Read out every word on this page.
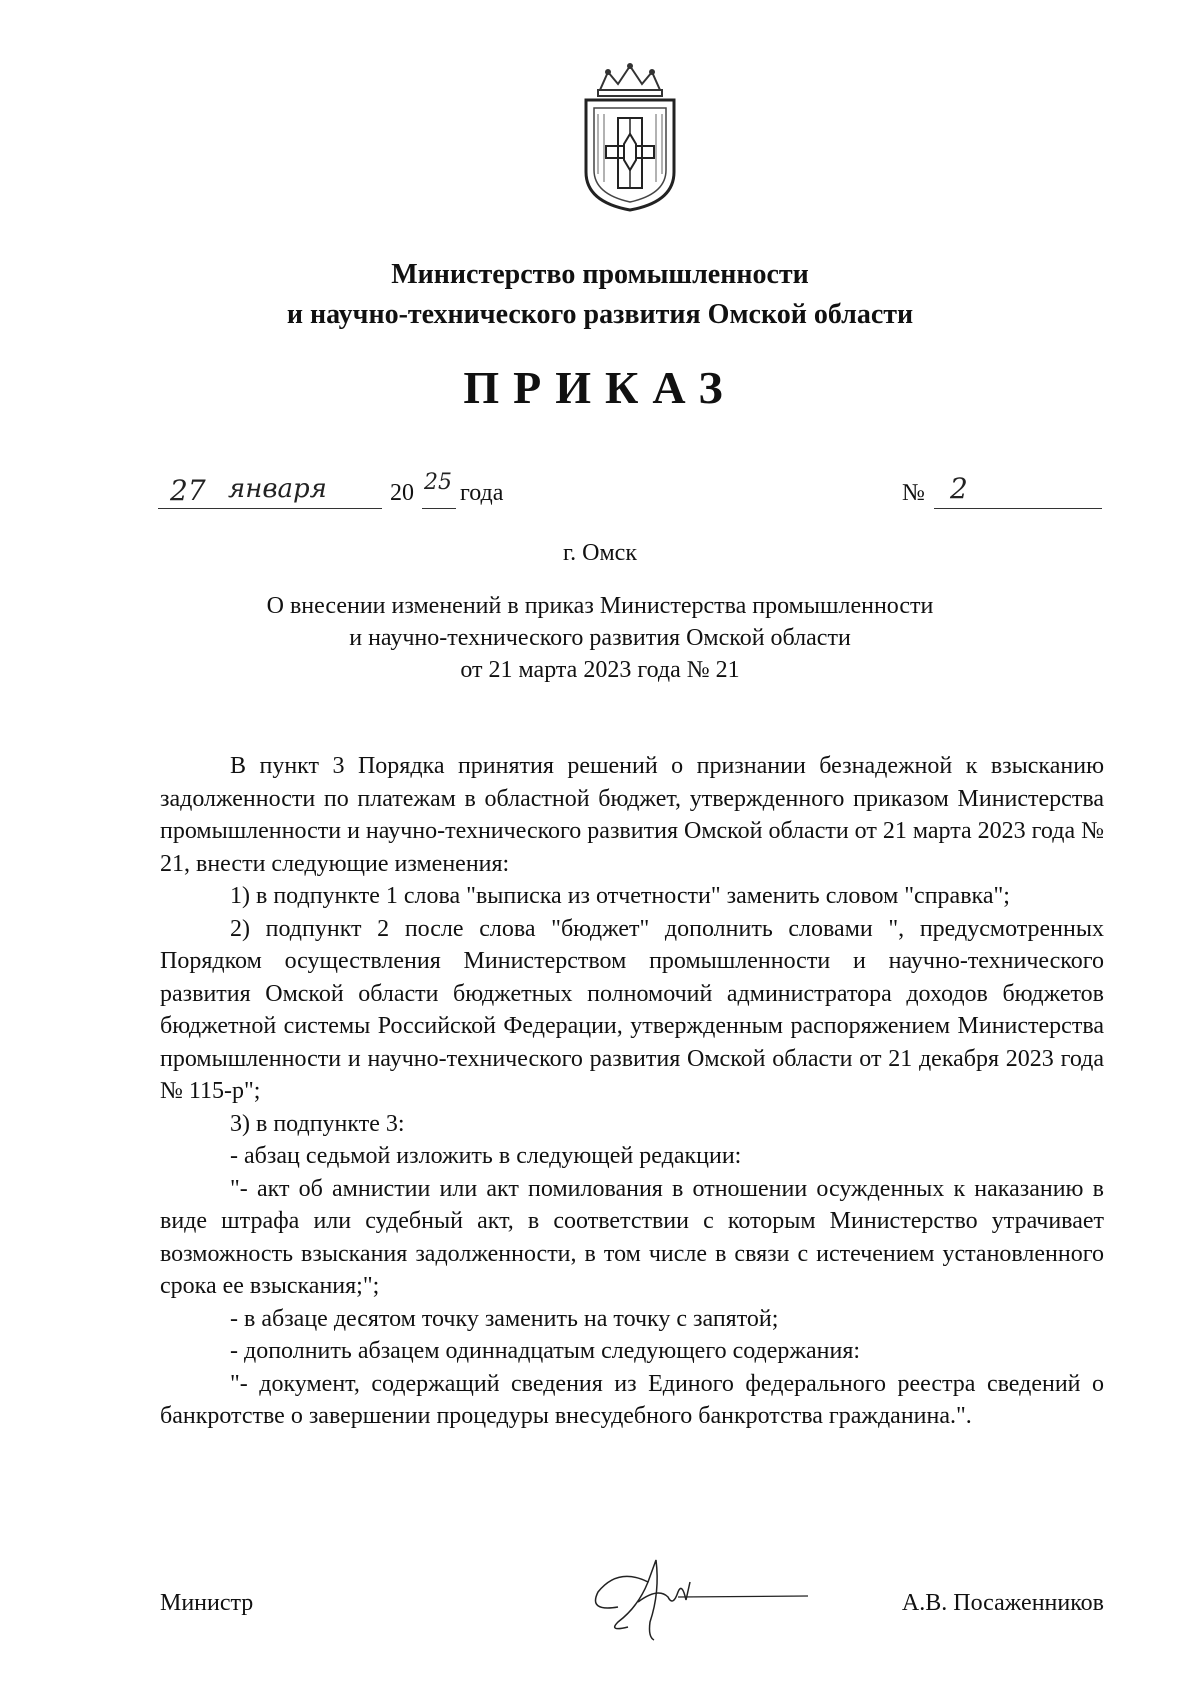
Министерство промышленности
и научно-технического развития Омской области
ПРИКАЗ
27 января	20 25 года	№ 2
г. Омск
О внесении изменений в приказ Министерства промышленности
и научно-технического развития Омской области
от 21 марта 2023 года № 21

В пункт 3 Порядка принятия решений о признании безнадежной к взысканию задолженности по платежам в областной бюджет, утвержденного приказом Министерства промышленности и научно-технического развития Омской области от 21 марта 2023 года № 21, внести следующие изменения:

1) в подпункте 1 слова "выписка из отчетности" заменить словом "справка";

2) подпункт 2 после слова "бюджет" дополнить словами ", предусмотренных Порядком осуществления Министерством промышленности и научно-технического развития Омской области бюджетных полномочий администратора доходов бюджетов бюджетной системы Российской Федерации, утвержденным распоряжением Министерства промышленности и научно-технического развития Омской области от 21 декабря 2023 года № 115-р";

3) в подпункте 3:

- абзац седьмой изложить в следующей редакции:

"- акт об амнистии или акт помилования в отношении осужденных к наказанию в виде штрафа или судебный акт, в соответствии с которым Министерство утрачивает возможность взыскания задолженности, в том числе в связи с истечением установленного срока ее взыскания;";

- в абзаце десятом точку заменить на точку с запятой;

- дополнить абзацем одиннадцатым следующего содержания:

"- документ, содержащий сведения из Единого федерального реестра сведений о банкротстве о завершении процедуры внесудебного банкротства гражданина.".

Министр	А.В. Посаженников
